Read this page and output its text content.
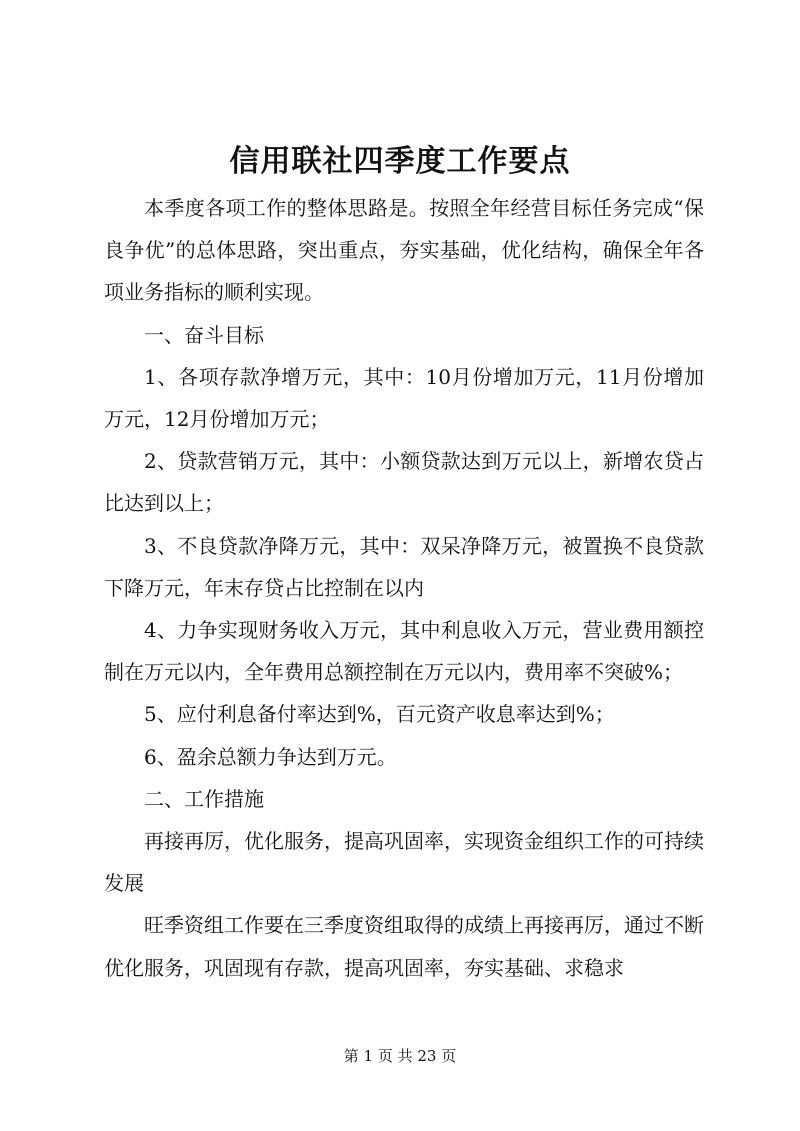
信用联社四季度工作要点

本季度各项工作的整体思路是。按照全年经营目标任务完成“保良争优”的总体思路，突出重点，夯实基础，优化结构，确保全年各项业务指标的顺利实现。

一、奋斗目标

1、各项存款净增万元，其中：10月份增加万元，11月份增加万元，12月份增加万元；

2、贷款营销万元，其中：小额贷款达到万元以上，新增农贷占比达到以上；

3、不良贷款净降万元，其中：双呆净降万元，被置换不良贷款下降万元，年末存贷占比控制在以内

4、力争实现财务收入万元，其中利息收入万元，营业费用额控制在万元以内，全年费用总额控制在万元以内，费用率不突破%；

5、应付利息备付率达到%，百元资产收息率达到%；

6、盈余总额力争达到万元。

二、工作措施

再接再厉，优化服务，提高巩固率，实现资金组织工作的可持续发展

旺季资组工作要在三季度资组取得的成绩上再接再厉，通过不断优化服务，巩固现有存款，提高巩固率，夯实基础、求稳求

第 1 页 共 23 页
